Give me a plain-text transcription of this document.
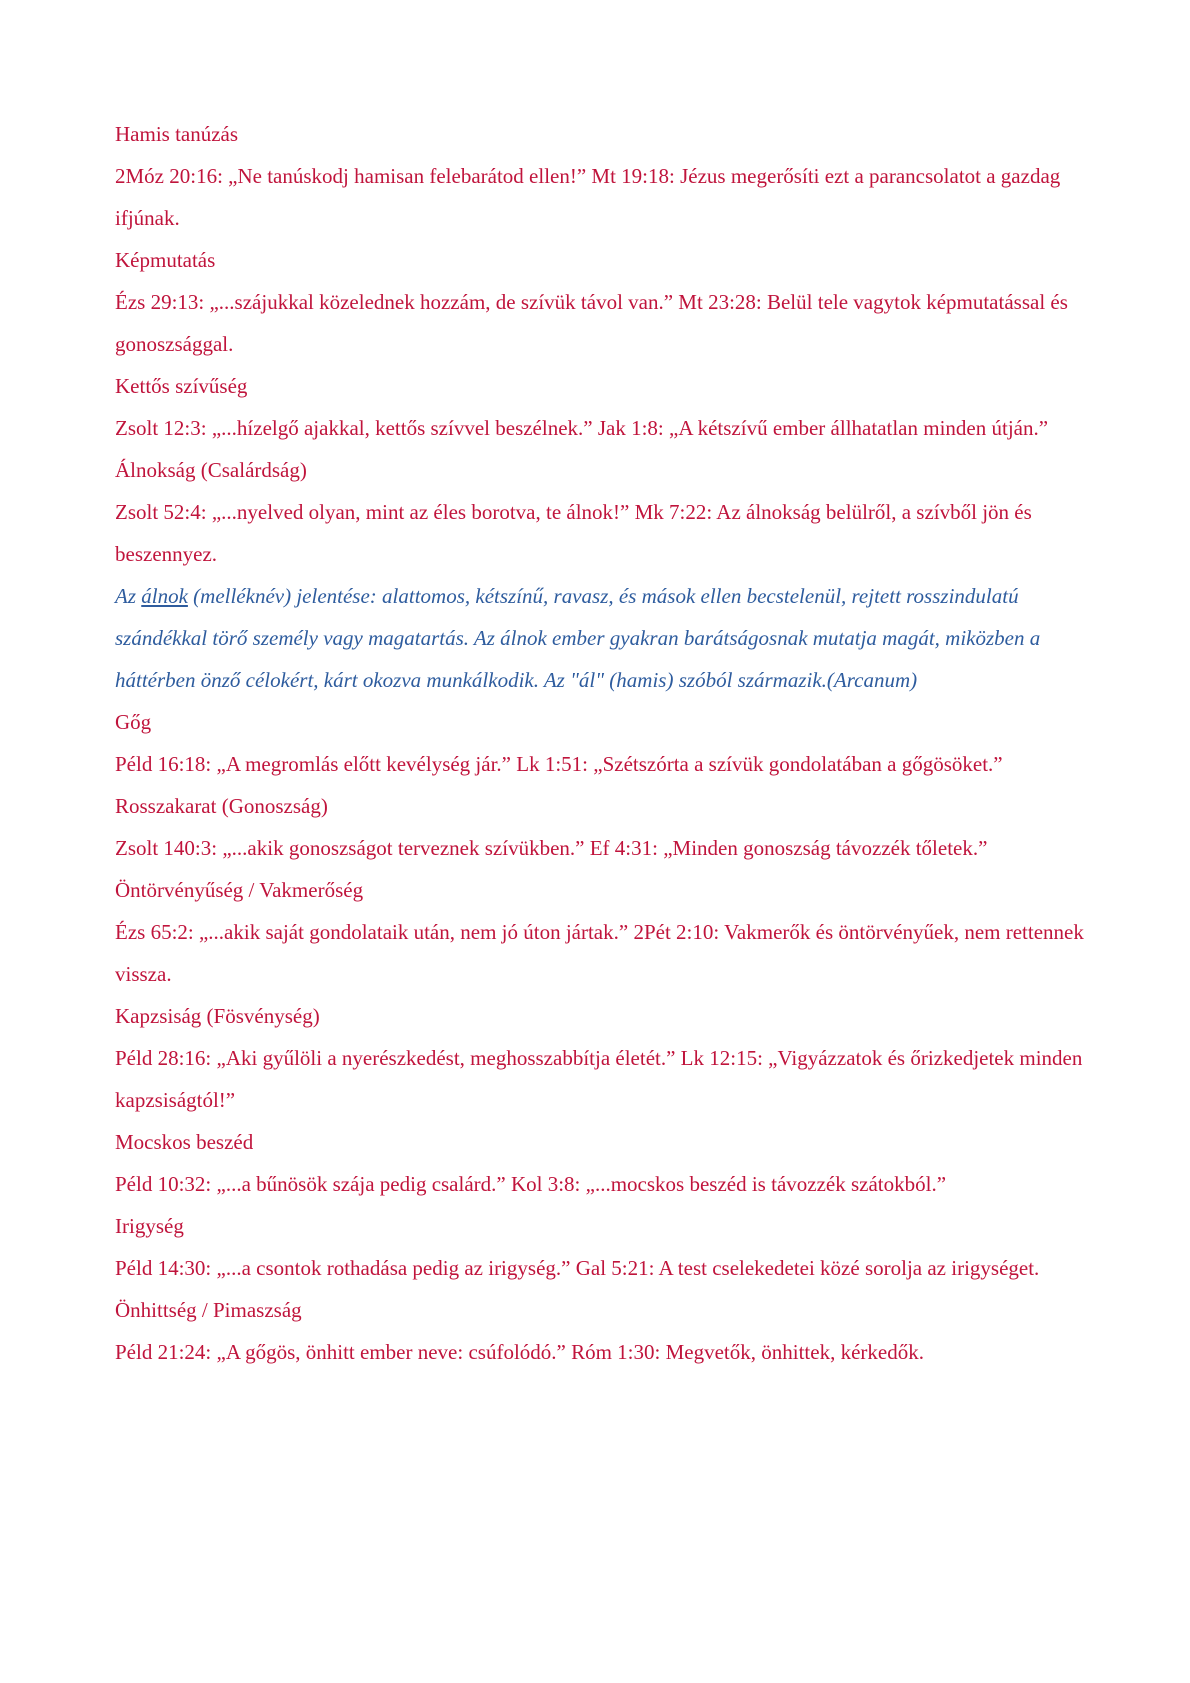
Hamis tanúzás

2Móz 20:16: „Ne tanúskodj hamisan felebarátod ellen!” Mt 19:18: Jézus megerősíti ezt a parancsolatot a gazdag ifjúnak.

Képmutatás

Ézs 29:13: „...szájukkal közelednek hozzám, de szívük távol van.” Mt 23:28: Belül tele vagytok képmutatással és gonoszsággal.

Kettős szívűség

Zsolt 12:3: „...hízelgő ajakkal, kettős szívvel beszélnek.” Jak 1:8: „A kétszívű ember állhatatlan minden útján.”

Álnokság (Csalárdság)

Zsolt 52:4: „...nyelved olyan, mint az éles borotva, te álnok!” Mk 7:22: Az álnokság belülről, a szívből jön és beszennyez.

Az álnok (melléknév) jelentése: alattomos, kétszínű, ravasz, és mások ellen becstelenül, rejtett rosszindulatú szándékkal törő személy vagy magatartás. Az álnok ember gyakran barátságosnak mutatja magát, miközben a háttérben önző célokért, kárt okozva munkálkodik. Az "ál" (hamis) szóból származik.(Arcanum)

Gőg

Péld 16:18: „A megromlás előtt kevélység jár.” Lk 1:51: „Szétszórta a szívük gondolatában a gőgösöket.”

Rosszakarat (Gonoszság)

Zsolt 140:3: „...akik gonoszságot terveznek szívükben.” Ef 4:31: „Minden gonoszság távozzék tőletek.”

Öntörvényűség / Vakmerőség

Ézs 65:2: „...akik saját gondolataik után, nem jó úton jártak.” 2Pét 2:10: Vakmerők és öntörvényűek, nem rettennek vissza.

Kapzsiság (Fösvénység)

Péld 28:16: „Aki gyűlöli a nyerészkedést, meghosszabbítja életét.” Lk 12:15: „Vigyázzatok és őrizkedjetek minden kapzsiságtól!”

Mocskos beszéd

Péld 10:32: „...a bűnösök szája pedig csalárd.” Kol 3:8: „...mocskos beszéd is távozzék szátokból.”

Irigység

Péld 14:30: „...a csontok rothadása pedig az irigység.” Gal 5:21: A test cselekedetei közé sorolja az irigységet.

Önhittség / Pimaszság

Péld 21:24: „A gőgös, önhitt ember neve: csúfolódó.” Róm 1:30: Megvetők, önhittek, kérkedők.
